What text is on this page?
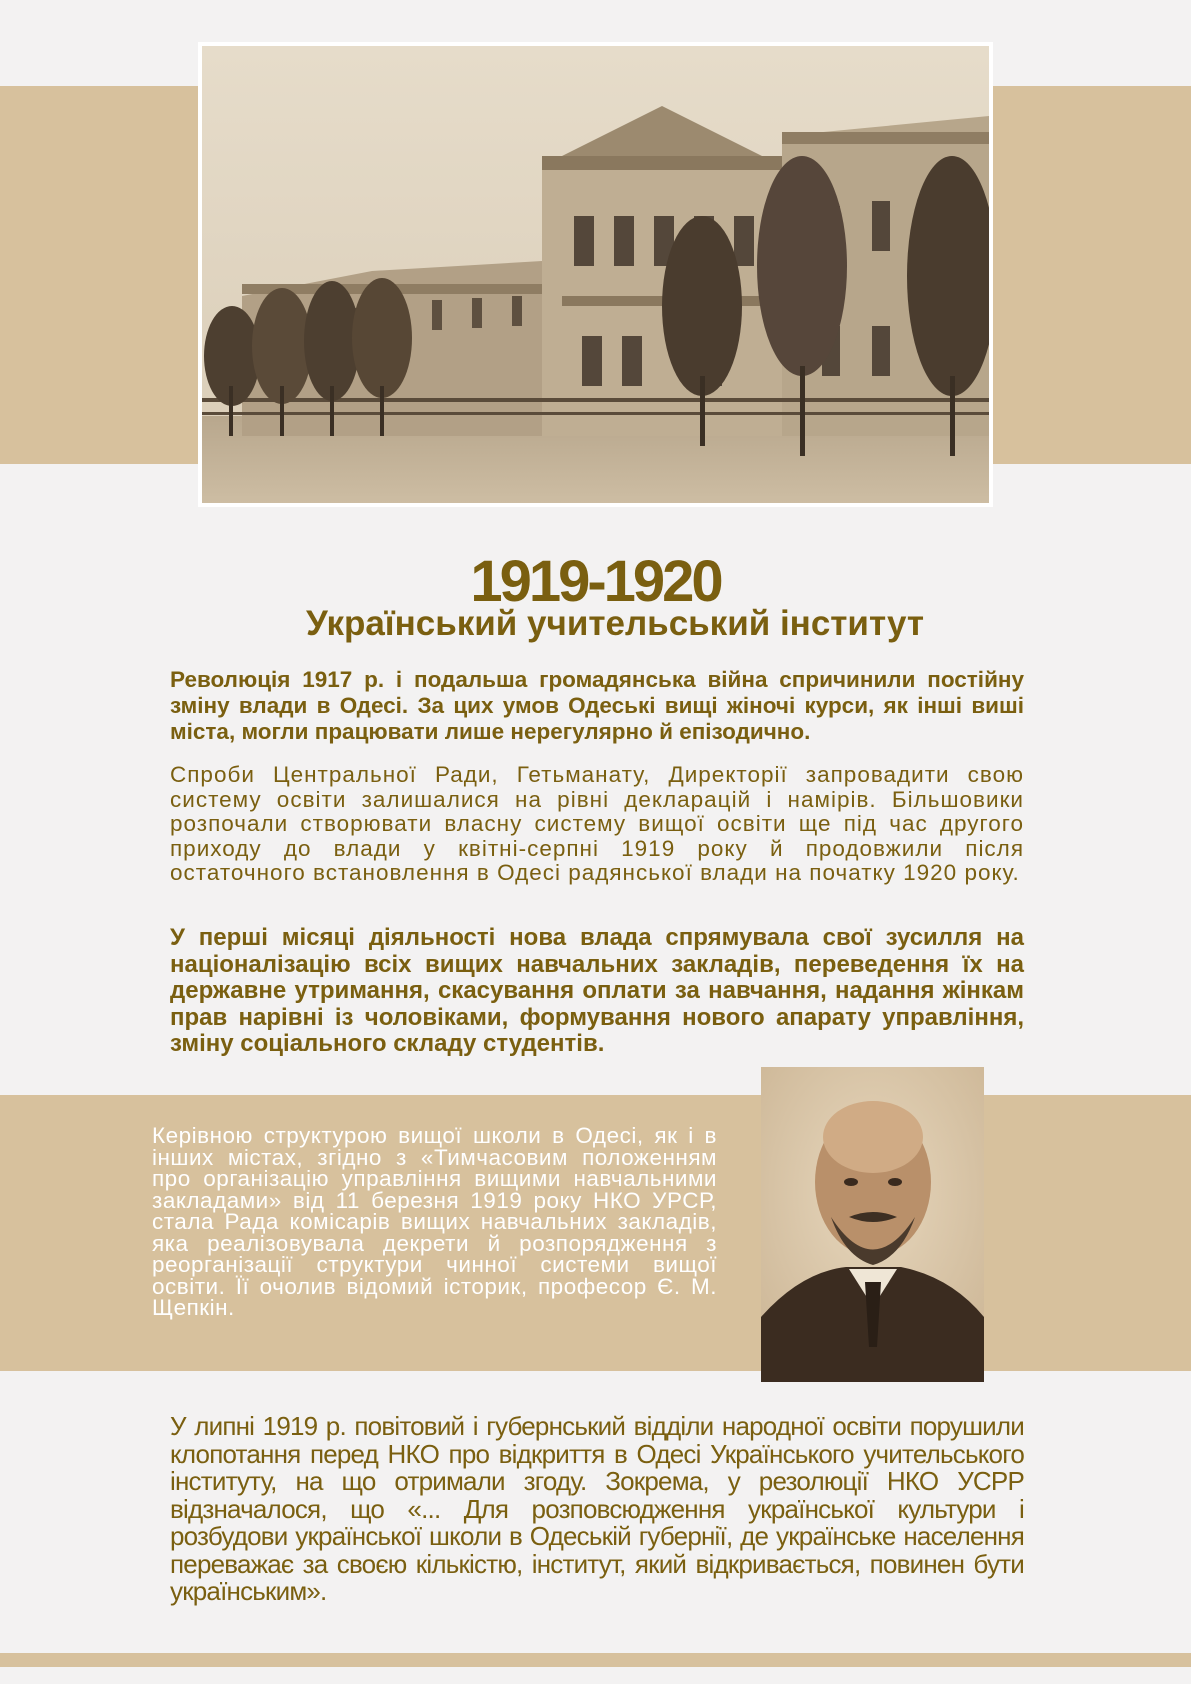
1919-1920
Український учительський інститут

Революція 1917 р. і подальша громадянська війна спричинили постійну зміну влади в Одесі. За цих умов Одеські вищі жіночі курси, як інші виші міста, могли працювати лише нерегулярно й епізодично.

Спроби Центральної Ради, Гетьманату, Директорії запровадити свою систему освіти залишалися на рівні декларацій і намірів. Більшовики розпочали створювати власну систему вищої освіти ще під час другого приходу до влади у квітні-серпні 1919 року й продовжили після остаточного встановлення в Одесі радянської влади на початку 1920 року.

У перші місяці діяльності нова влада спрямувала свої зусилля на націоналізацію всіх вищих навчальних закладів, переведення їх на державне утримання, скасування оплати за навчання, надання жінкам прав нарівні із чоловіками, формування нового апарату управління, зміну соціального складу студентів.

Керівною структурою вищої школи в Одесі, як і в інших містах, згідно з «Тимчасовим положенням про організацію управління вищими навчальними закладами» від 11 березня 1919 року НКО УРСР, стала Рада комісарів вищих навчальних закладів, яка реалізовувала декрети й розпорядження з реорганізації структури чинної системи вищої освіти. Її очолив відомий історик, професор Є. М. Щепкін.

У липні 1919 р. повітовий і губернський відділи народної освіти порушили клопотання перед НКО про відкриття в Одесі Українського учительського інституту, на що отримали згоду. Зокрема, у резолюції НКО УСРР відзначалося, що «... Для розповсюдження української культури і розбудови української школи в Одеській губернії, де українське населення переважає за своєю кількістю, інститут, який відкривається, повинен бути українським».
